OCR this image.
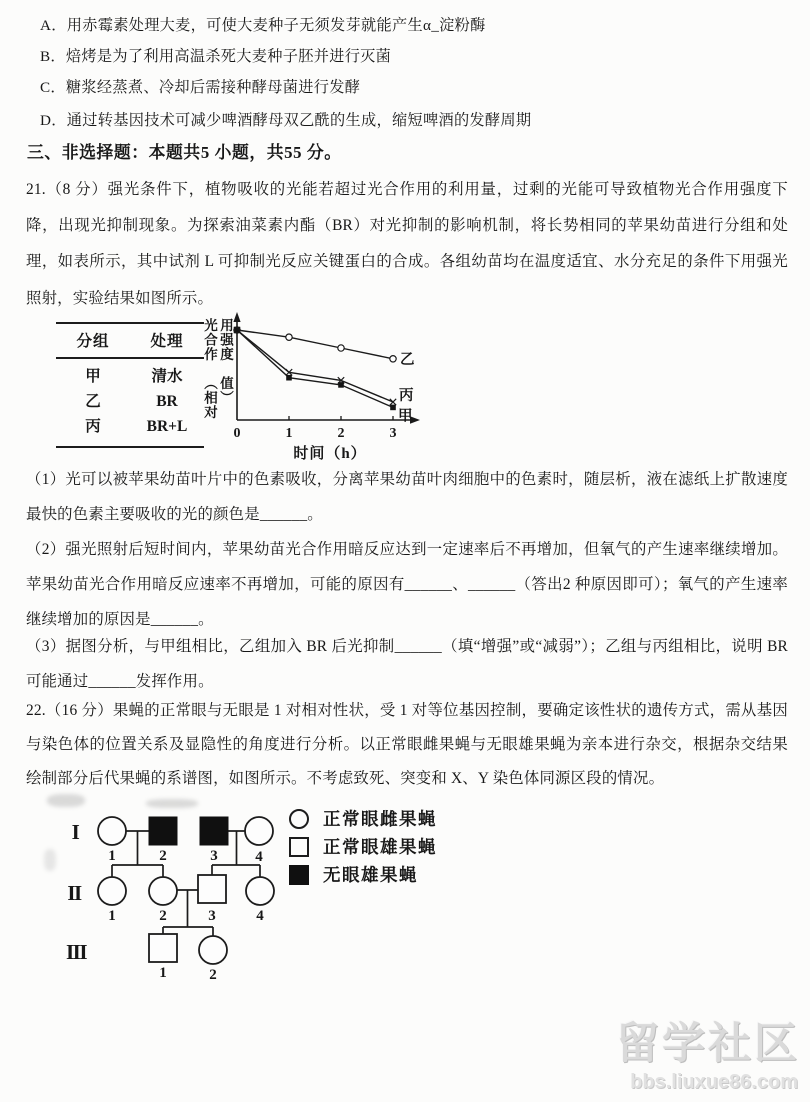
A．用赤霉素处理大麦，可使大麦种子无须发芽就能产生α_淀粉酶
B．焙烤是为了利用高温杀死大麦种子胚并进行灭菌
C．糖浆经蒸煮、冷却后需接种酵母菌进行发酵
D．通过转基因技术可减少啤酒酵母双乙酰的生成，缩短啤酒的发酵周期
三、非选择题：本题共5 小题，共55 分。
21.（8 分）强光条件下，植物吸收的光能若超过光合作用的利用量，过剩的光能可导致植物光合作用强度下降，出现光抑制现象。为探索油菜素内酯（BR）对光抑制的影响机制，将长势相同的苹果幼苗进行分组和处理，如表所示，其中试剂 L 可抑制光反应关键蛋白的合成。各组幼苗均在温度适宜、水分充足的条件下用强光照射，实验结果如图所示。
分组	处理
甲	清水
乙	BR
丙	BR+L
光合作用强度
（相对值）
0	1	2	3
时间（h）
乙
丙
甲
（1）光可以被苹果幼苗叶片中的色素吸收，分离苹果幼苗叶肉细胞中的色素时，随层析，液在滤纸上扩散速度最快的色素主要吸收的光的颜色是______。
（2）强光照射后短时间内，苹果幼苗光合作用暗反应达到一定速率后不再增加，但氧气的产生速率继续增加。苹果幼苗光合作用暗反应速率不再增加，可能的原因有______、______（答出2 种原因即可）；氧气的产生速率继续增加的原因是______。
（3）据图分析，与甲组相比，乙组加入 BR 后光抑制______（填“增强”或“减弱”）；乙组与丙组相比，说明 BR 可能通过______发挥作用。
22.（16 分）果蝇的正常眼与无眼是 1 对相对性状，受 1 对等位基因控制，要确定该性状的遗传方式，需从基因与染色体的位置关系及显隐性的角度进行分析。以正常眼雌果蝇与无眼雄果蝇为亲本进行杂交，根据杂交结果绘制部分后代果蝇的系谱图，如图所示。不考虑致死、突变和 X、Y 染色体同源区段的情况。
I
II
III
1	2	3	4
1	2	3	4
1	2
正常眼雌果蝇
正常眼雄果蝇
无眼雄果蝇
留学社区
bbs.liuxue86.com
